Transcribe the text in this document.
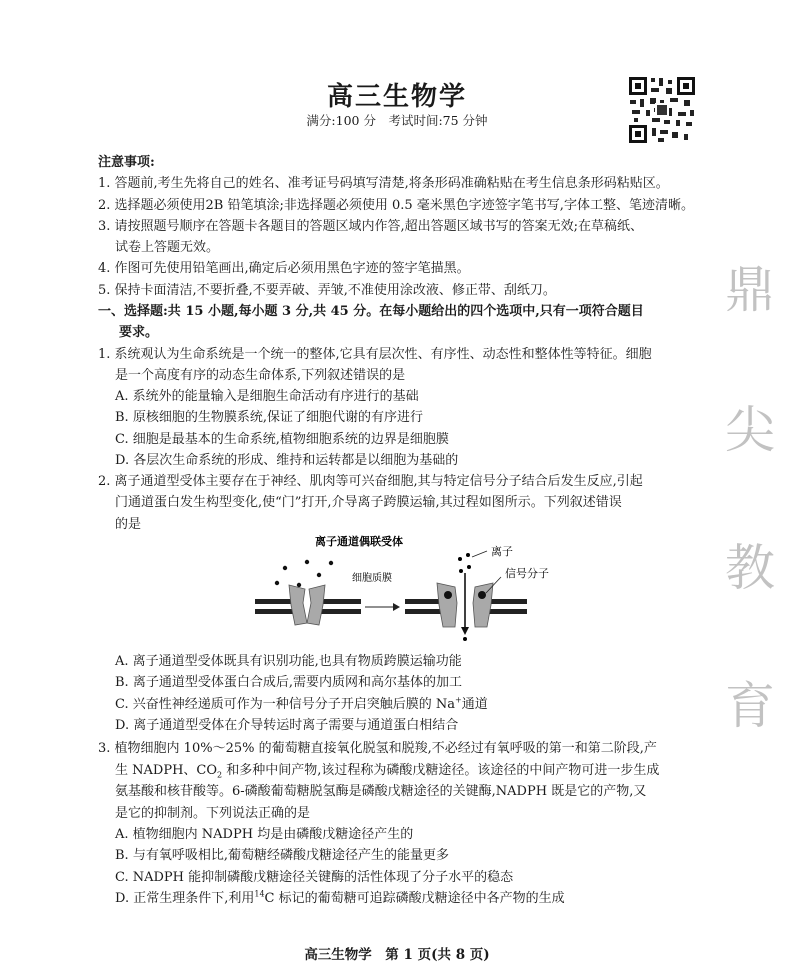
高三生物学
满分:100 分　考试时间:75 分钟
注意事项:
1. 答题前,考生先将自己的姓名、准考证号码填写清楚,将条形码准确粘贴在考生信息条形码粘贴区。
2. 选择题必须使用2B 铅笔填涂;非选择题必须使用 0.5 毫米黑色字迹签字笔书写,字体工整、笔迹清晰。
3. 请按照题号顺序在答题卡各题目的答题区域内作答,超出答题区域书写的答案无效;在草稿纸、
试卷上答题无效。
4. 作图可先使用铅笔画出,确定后必须用黑色字迹的签字笔描黑。
5. 保持卡面清洁,不要折叠,不要弄破、弄皱,不准使用涂改液、修正带、刮纸刀。
一、选择题:共 15 小题,每小题 3 分,共 45 分。在每小题给出的四个选项中,只有一项符合题目
要求。
1. 系统观认为生命系统是一个统一的整体,它具有层次性、有序性、动态性和整体性等特征。细胞
是一个高度有序的动态生命体系,下列叙述错误的是
A. 系统外的能量输入是细胞生命活动有序进行的基础
B. 原核细胞的生物膜系统,保证了细胞代谢的有序进行
C. 细胞是最基本的生命系统,植物细胞系统的边界是细胞膜
D. 各层次生命系统的形成、维持和运转都是以细胞为基础的
2. 离子通道型受体主要存在于神经、肌肉等可兴奋细胞,其与特定信号分子结合后发生反应,引起
门通道蛋白发生构型变化,使“门”打开,介导离子跨膜运输,其过程如图所示。下列叙述错误
的是
离子通道偶联受体
细胞质膜
离子
信号分子
A. 离子通道型受体既具有识别功能,也具有物质跨膜运输功能
B. 离子通道型受体蛋白合成后,需要内质网和高尔基体的加工
C. 兴奋性神经递质可作为一种信号分子开启突触后膜的 Na+通道
D. 离子通道型受体在介导转运时离子需要与通道蛋白相结合
3. 植物细胞内 10%～25% 的葡萄糖直接氧化脱氢和脱羧,不必经过有氧呼吸的第一和第二阶段,产
生 NADPH、$CO_2$ 和多种中间产物,该过程称为磷酸戊糖途径。该途径的中间产物可进一步生成
氨基酸和核苷酸等。6-磷酸葡萄糖脱氢酶是磷酸戊糖途径的关键酶,NADPH 既是它的产物,又
是它的抑制剂。下列说法正确的是
A. 植物细胞内 NADPH 均是由磷酸戊糖途径产生的
B. 与有氧呼吸相比,葡萄糖经磷酸戊糖途径产生的能量更多
C. NADPH 能抑制磷酸戊糖途径关键酶的活性体现了分子水平的稳态
D. 正常生理条件下,利用$^{14}$C 标记的葡萄糖可追踪磷酸戊糖途径中各产物的生成
鼎
尖
教
育
高三生物学　第 1 页(共 8 页)
